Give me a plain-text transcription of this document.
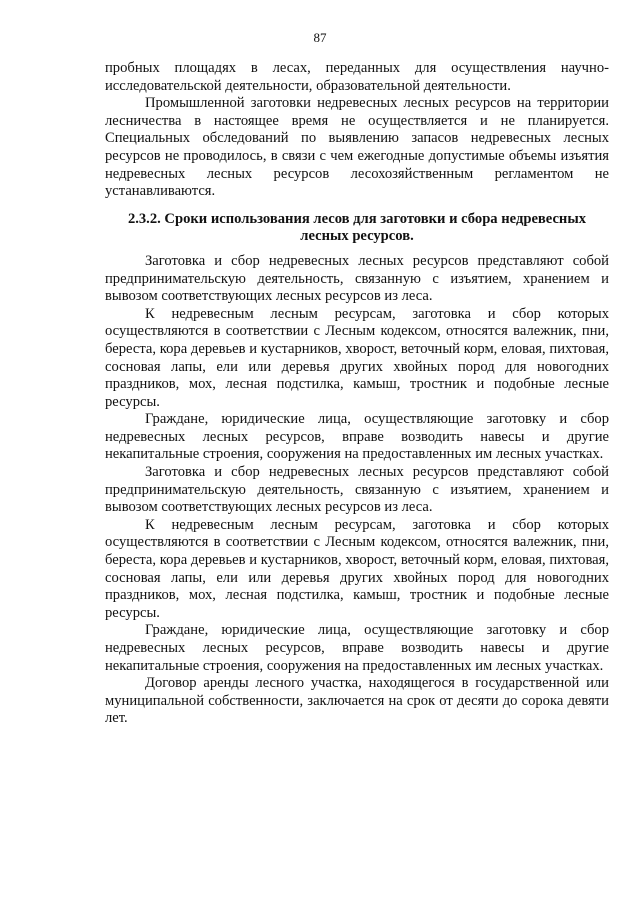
87

пробных площадях в лесах, переданных для осуществления научно-исследовательской деятельности, образовательной деятельности.

Промышленной заготовки недревесных лесных ресурсов на территории лесничества в настоящее время не осуществляется и не планируется. Специальных обследований по выявлению запасов недревесных лесных ресурсов не проводилось, в связи с чем ежегодные допустимые объемы изъятия недревесных лесных ресурсов лесохозяйственным регламентом не устанавливаются.

2.3.2. Сроки использования лесов для заготовки и сбора недревесных лесных ресурсов.

Заготовка и сбор недревесных лесных ресурсов представляют собой предпринимательскую деятельность, связанную с изъятием, хранением и вывозом соответствующих лесных ресурсов из леса.

К недревесным лесным ресурсам, заготовка и сбор которых осуществляются в соответствии с Лесным кодексом, относятся валежник, пни, береста, кора деревьев и кустарников, хворост, веточный корм, еловая, пихтовая, сосновая лапы, ели или деревья других хвойных пород для новогодних праздников, мох, лесная подстилка, камыш, тростник и подобные лесные ресурсы.

Граждане, юридические лица, осуществляющие заготовку и сбор недревесных лесных ресурсов, вправе возводить навесы и другие некапитальные строения, сооружения на предоставленных им лесных участках.

Заготовка и сбор недревесных лесных ресурсов представляют собой предпринимательскую деятельность, связанную с изъятием, хранением и вывозом соответствующих лесных ресурсов из леса.

К недревесным лесным ресурсам, заготовка и сбор которых осуществляются в соответствии с Лесным кодексом, относятся валежник, пни, береста, кора деревьев и кустарников, хворост, веточный корм, еловая, пихтовая, сосновая лапы, ели или деревья других хвойных пород для новогодних праздников, мох, лесная подстилка, камыш, тростник и подобные лесные ресурсы.

Граждане, юридические лица, осуществляющие заготовку и сбор недревесных лесных ресурсов, вправе возводить навесы и другие некапитальные строения, сооружения на предоставленных им лесных участках.

Договор аренды лесного участка, находящегося в государственной или муниципальной собственности, заключается на срок от десяти до сорока девяти лет.
